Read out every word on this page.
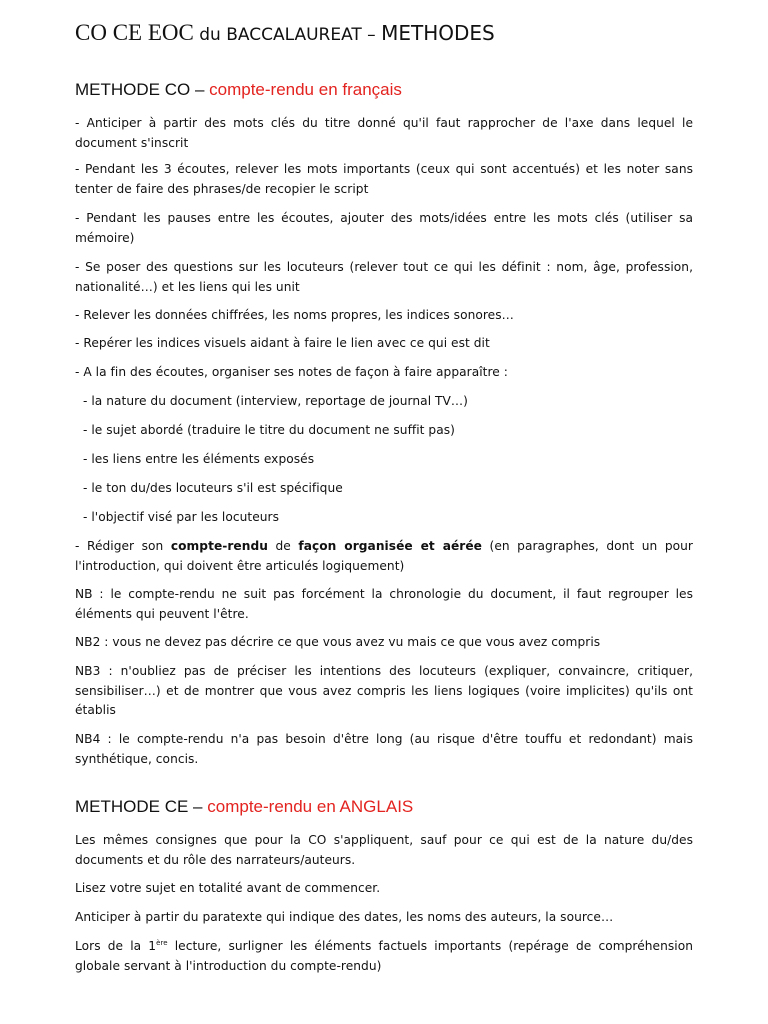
CO CE EOC du BACCALAUREAT – METHODES
METHODE CO – compte-rendu en français
- Anticiper à partir des mots clés du titre donné qu'il faut rapprocher de l'axe dans lequel le document s'inscrit
- Pendant les 3 écoutes, relever les mots importants (ceux qui sont accentués) et les noter sans tenter de faire des phrases/de recopier le script
- Pendant les pauses entre les écoutes, ajouter des mots/idées entre les mots clés (utiliser sa mémoire)
- Se poser des questions sur les locuteurs (relever tout ce qui les définit : nom, âge, profession, nationalité…) et les liens qui les unit
- Relever les données chiffrées, les noms propres, les indices sonores…
- Repérer les indices visuels aidant à faire le lien avec ce qui est dit
- A la fin des écoutes, organiser ses notes de façon à faire apparaître :
- la nature du document (interview, reportage de journal TV…)
- le sujet abordé (traduire le titre du document ne suffit pas)
- les liens entre les éléments exposés
- le ton du/des locuteurs s'il est spécifique
- l'objectif visé par les locuteurs
- Rédiger son compte-rendu de façon organisée et aérée (en paragraphes, dont un pour l'introduction, qui doivent être articulés logiquement)
NB : le compte-rendu ne suit pas forcément la chronologie du document, il faut regrouper les éléments qui peuvent l'être.
NB2 : vous ne devez pas décrire ce que vous avez vu mais ce que vous avez compris
NB3 : n'oubliez pas de préciser les intentions des locuteurs (expliquer, convaincre, critiquer, sensibiliser…) et de montrer que vous avez compris les liens logiques (voire implicites) qu'ils ont établis
NB4 : le compte-rendu n'a pas besoin d'être long (au risque d'être touffu et redondant) mais synthétique, concis.
METHODE CE – compte-rendu en ANGLAIS
Les mêmes consignes que pour la CO s'appliquent, sauf pour ce qui est de la nature du/des documents et du rôle des narrateurs/auteurs.
Lisez votre sujet en totalité avant de commencer.
Anticiper à partir du paratexte qui indique des dates, les noms des auteurs, la source…
Lors de la 1ère lecture, surligner les éléments factuels importants (repérage de compréhension globale servant à l'introduction du compte-rendu)
